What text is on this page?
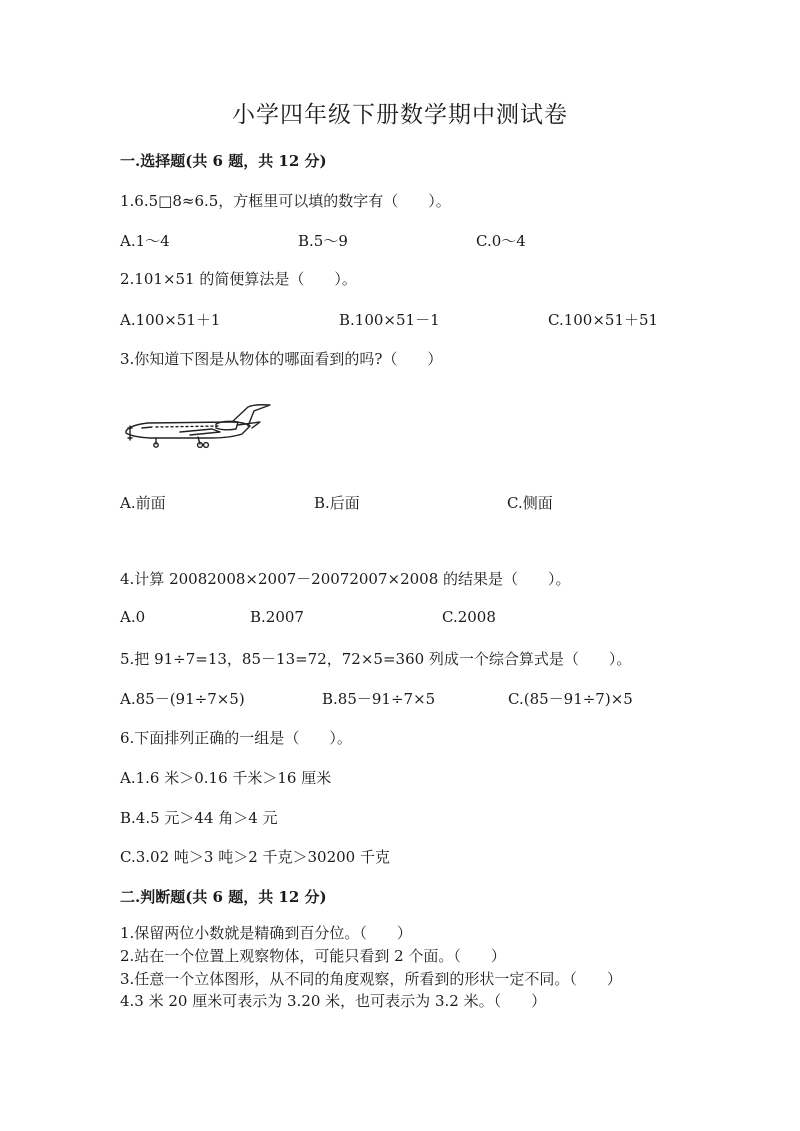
小学四年级下册数学期中测试卷
一.选择题(共 6 题，共 12 分)
1.6.5□8≈6.5，方框里可以填的数字有（　　）。
A.1～4	B.5～9	C.0～4
2.101×51 的简便算法是（　　）。
A.100×51＋1	B.100×51－1	C.100×51＋51
3.你知道下图是从物体的哪面看到的吗?（　　）
A.前面	B.后面	C.侧面
4.计算 20082008×2007－20072007×2008 的结果是（　　）。
A.0	B.2007	C.2008
5.把 91÷7=13，85－13=72，72×5=360 列成一个综合算式是（　　）。
A.85－(91÷7×5)	B.85－91÷7×5	C.(85－91÷7)×5
6.下面排列正确的一组是（　　）。
A.1.6 米＞0.16 千米＞16 厘米
B.4.5 元＞44 角＞4 元
C.3.02 吨＞3 吨＞2 千克＞30200 千克
二.判断题(共 6 题，共 12 分)
1.保留两位小数就是精确到百分位。（　　）
2.站在一个位置上观察物体，可能只看到 2 个面。（　　）
3.任意一个立体图形，从不同的角度观察，所看到的形状一定不同。（　　）
4.3 米 20 厘米可表示为 3.20 米，也可表示为 3.2 米。（　　）
